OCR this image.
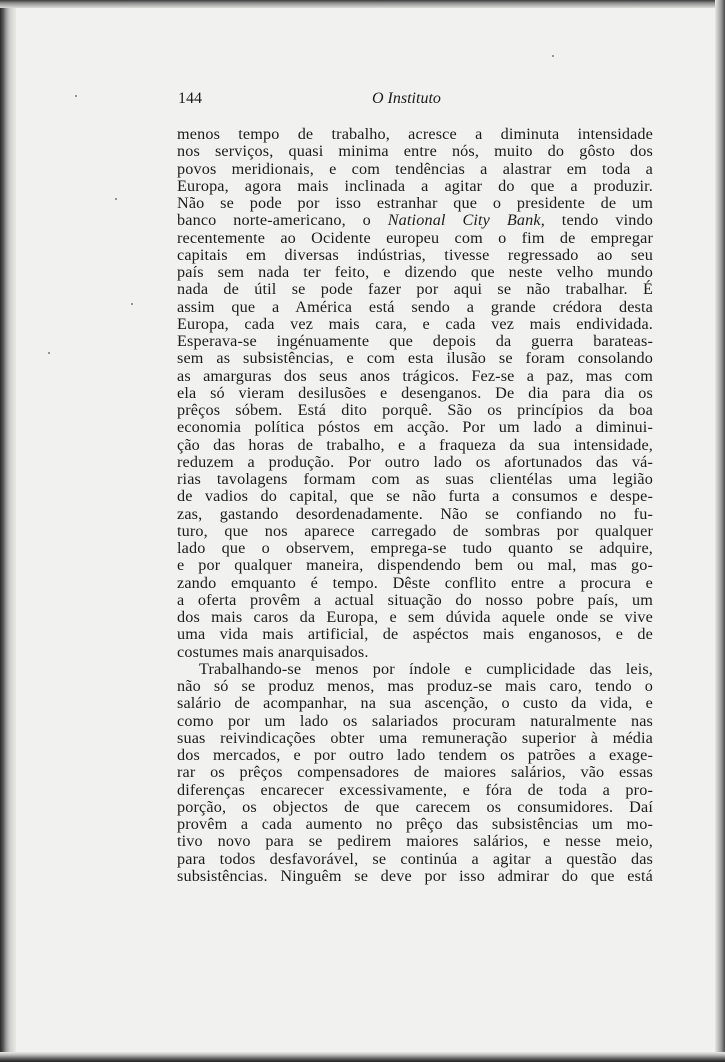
144	O Instituto
menos tempo de trabalho, acresce a diminuta intensidade
nos serviços, quasi minima entre nós, muito do gôsto dos
povos meridionais, e com tendências a alastrar em toda a
Europa, agora mais inclinada a agitar do que a produzir.
Não se pode por isso estranhar que o presidente de um
banco norte-americano, o National City Bank, tendo vindo
recentemente ao Ocidente europeu com o fim de empregar
capitais em diversas indústrias, tivesse regressado ao seu
país sem nada ter feito, e dizendo que neste velho mundo
nada de útil se pode fazer por aqui se não trabalhar. É
assim que a América está sendo a grande crédora desta
Europa, cada vez mais cara, e cada vez mais endividada.
Esperava-se ingénuamente que depois da guerra barateas-
sem as subsistências, e com esta ilusão se foram consolando
as amarguras dos seus anos trágicos. Fez-se a paz, mas com
ela só vieram desilusões e desenganos. De dia para dia os
prêços sóbem. Está dito porquê. São os princípios da boa
economia política póstos em acção. Por um lado a diminui-
ção das horas de trabalho, e a fraqueza da sua intensidade,
reduzem a produção. Por outro lado os afortunados das vá-
rias tavolagens formam com as suas clientélas uma legião
de vadios do capital, que se não furta a consumos e despe-
zas, gastando desordenadamente. Não se confiando no fu-
turo, que nos aparece carregado de sombras por qualquer
lado que o observem, emprega-se tudo quanto se adquire,
e por qualquer maneira, dispendendo bem ou mal, mas go-
zando emquanto é tempo. Dêste conflito entre a procura e
a oferta provêm a actual situação do nosso pobre país, um
dos mais caros da Europa, e sem dúvida aquele onde se vive
uma vida mais artificial, de aspéctos mais enganosos, e de
costumes mais anarquisados.
Trabalhando-se menos por índole e cumplicidade das leis,
não só se produz menos, mas produz-se mais caro, tendo o
salário de acompanhar, na sua ascenção, o custo da vida, e
como por um lado os salariados procuram naturalmente nas
suas reivindicações obter uma remuneração superior à média
dos mercados, e por outro lado tendem os patrões a exage-
rar os prêços compensadores de maiores salários, vão essas
diferenças encarecer excessivamente, e fóra de toda a pro-
porção, os objectos de que carecem os consumidores. Daí
provêm a cada aumento no prêço das subsistências um mo-
tivo novo para se pedirem maiores salários, e nesse meio,
para todos desfavorável, se continúa a agitar a questão das
subsistências. Ninguêm se deve por isso admirar do que está
